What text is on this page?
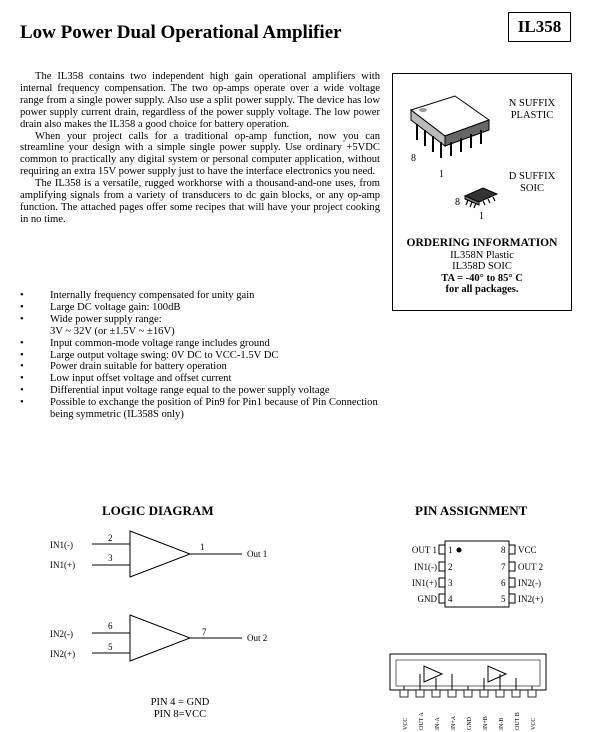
Low Power Dual Operational Amplifier	IL358

The IL358 contains two independent high gain operational amplifiers with internal frequency compensation. The two op-amps operate over a wide voltage range from a single power supply. Also use a split power supply. The device has low power supply current drain, regardless of the power supply voltage. The low power drain also makes the IL358 a good choice for battery operation.

When your project calls for a traditional op-amp function, now you can streamline your design with a simple single power supply. Use ordinary +5VDC common to practically any digital system or personal computer application, without requiring an extra 15V power supply just to have the interface electronics you need.

The IL358 is a versatile, rugged workhorse with a thousand-and-one uses, from amplifying signals from a variety of transducers to dc gain blocks, or any op-amp function. The attached pages offer some recipes that will have your project cooking in no time.

• Internally frequency compensated for unity gain
• Large DC voltage gain: 100dB
• Wide power supply range:
3V ~ 32V (or ±1.5V ~ ±16V)
• Input common-mode voltage range includes ground
• Large output voltage swing: 0V DC to VCC-1.5V DC
• Power drain suitable for battery operation
• Low input offset voltage and offset current
• Differential input voltage range equal to the power supply voltage
• Possible to exchange the position of Pin9 for Pin1 because of Pin Connection being symmetric (IL358S only)
8
1
8
1
N SUFFIX
PLASTIC
D SUFFIX
SOIC
ORDERING INFORMATION
IL358N Plastic
IL358D SOIC
TA = -40° to 85° C
for all packages.
LOGIC DIAGRAM
IN1(-)
IN1(+)
2
3
1
Out 1
IN2(-)
IN2(+)
6
5
7
Out 2
PIN 4 = GND
PIN 8=VCC
PIN ASSIGNMENT
OUT 1
IN1(-)
IN1(+)
GND
1
2
3
4
8
7
6
5
VCC
OUT 2
IN2(-)
IN2(+)
VCC OUT A IN-A IN+A GND IN+B IN-B OUT B VCC
